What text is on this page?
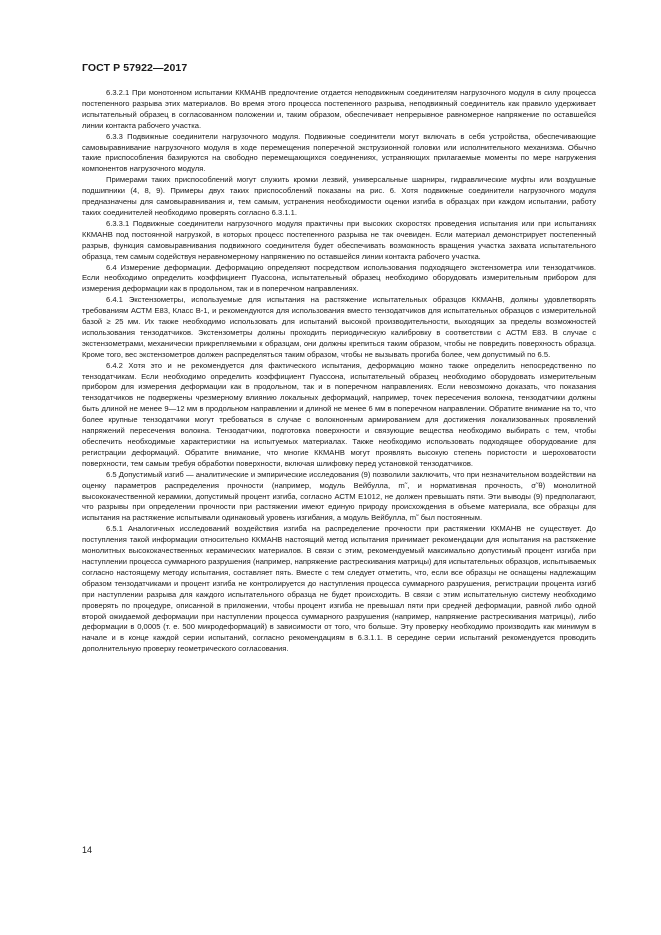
ГОСТ Р 57922—2017

6.3.2.1 При монотонном испытании ККМАНВ предпочтение отдается неподвижным соединителям нагрузочного модуля в силу процесса постепенного разрыва этих материалов. Во время этого процесса постепенного разрыва, неподвижный соединитель как правило удерживает испытательный образец в согласованном положении и, таким образом, обеспечивает непрерывное равномерное напряжение по оставшейся линии контакта рабочего участка.

6.3.3 Подвижные соединители нагрузочного модуля. Подвижные соединители могут включать в себя устройства, обеспечивающие самовыравнивание нагрузочного модуля в ходе перемещения поперечной экструзионной головки или исполнительного механизма. Обычно такие приспособления базируются на свободно перемещающихся соединениях, устраняющих прилагаемые моменты по мере нагружения компонентов нагрузочного модуля.

Примерами таких приспособлений могут служить кромки лезвий, универсальные шарниры, гидравлические муфты или воздушные подшипники (4, 8, 9). Примеры двух таких приспособлений показаны на рис. 6. Хотя подвижные соединители нагрузочного модуля предназначены для самовыравнивания и, тем самым, устранения необходимости оценки изгиба в образцах при каждом испытании, работу таких соединителей необходимо проверять согласно 6.3.1.1.

6.3.3.1 Подвижные соединители нагрузочного модуля практичны при высоких скоростях проведения испытания или при испытаниях ККМАНВ под постоянной нагрузкой, в которых процесс постепенного разрыва не так очевиден. Если материал демонстрирует постепенный разрыв, функция самовыравнивания подвижного соединителя будет обеспечивать возможность вращения участка захвата испытательного образца, тем самым содействуя неравномерному напряжению по оставшейся линии контакта рабочего участка.

6.4 Измерение деформации. Деформацию определяют посредством использования подходящего экстензометра или тензодатчиков. Если необходимо определить коэффициент Пуассона, испытательный образец необходимо оборудовать измерительным прибором для измерения деформации как в продольном, так и в поперечном направлениях.

6.4.1 Экстензометры, используемые для испытания на растяжение испытательных образцов ККМАНВ, должны удовлетворять требованиям АСТМ Е83, Класс В-1, и рекомендуются для использования вместо тензодатчиков для испытательных образцов с измерительной базой ≥ 25 мм. Их также необходимо использовать для испытаний высокой производительности, выходящих за пределы возможностей использования тензодатчиков. Экстензометры должны проходить периодическую калибровку в соответствии с АСТМ Е83. В случае с экстензометрами, механически прикрепляемыми к образцам, они должны крепиться таким образом, чтобы не повредить поверхность образца. Кроме того, вес экстензометров должен распределяться таким образом, чтобы не вызывать прогиба более, чем допустимый по 6.5.

6.4.2 Хотя это и не рекомендуется для фактического испытания, деформацию можно также определить непосредственно по тензодатчикам. Если необходимо определить коэффициент Пуассона, испытательный образец необходимо оборудовать измерительным прибором для измерения деформации как в продольном, так и в поперечном направлениях. Если невозможно доказать, что показания тензодатчиков не подвержены чрезмерному влиянию локальных деформаций, например, точек пересечения волокна, тензодатчики должны быть длиной не менее 9—12 мм в продольном направлении и длиной не менее 6 мм в поперечном направлении. Обратите внимание на то, что более крупные тензодатчики могут требоваться в случае с волокнонным армированием для достижения локализованных проявлений напряжений пересечения волокна. Тензодатчики, подготовка поверхности и связующие вещества необходимо выбирать с тем, чтобы обеспечить необходимые характеристики на испытуемых материалах. Также необходимо использовать подходящее оборудование для регистрации деформаций. Обратите внимание, что многие ККМАНВ могут проявлять высокую степень пористости и шероховатости поверхности, тем самым требуя обработки поверхности, включая шлифовку перед установкой тензодатчиков.

6.5 Допустимый изгиб — аналитические и эмпирические исследования (9) позволили заключить, что при незначительном воздействии на оценку параметров распределения прочности (например, модуль Вейбулла, m˜, и нормативная прочность, σ˜θ) монолитной высококачественной керамики, допустимый процент изгиба, согласно АСТМ Е1012, не должен превышать пяти. Эти выводы (9) предполагают, что разрывы при определении прочности при растяжении имеют единую природу происхождения в объеме материала, все образцы для испытания на растяжение испытывали одинаковый уровень изгибания, а модуль Вейбулла, m˜ был постоянным.

6.5.1 Аналогичных исследований воздействия изгиба на распределение прочности при растяжении ККМАНВ не существует. До поступления такой информации относительно ККМАНВ настоящий метод испытания принимает рекомендации для испытания на растяжение монолитных высококачественных керамических материалов. В связи с этим, рекомендуемый максимально допустимый процент изгиба при наступлении процесса суммарного разрушения (например, напряжение растрескивания матрицы) для испытательных образцов, испытываемых согласно настоящему методу испытания, составляет пять. Вместе с тем следует отметить, что, если все образцы не оснащены надлежащим образом тензодатчиками и процент изгиба не контролируется до наступления процесса суммарного разрушения, регистрации процента изгиб при наступлении разрыва для каждого испытательного образца не будет происходить. В связи с этим испытательную систему необходимо проверять по процедуре, описанной в приложении, чтобы процент изгиба не превышал пяти при средней деформации, равной либо одной второй ожидаемой деформации при наступлении процесса суммарного разрушения (например, напряжение растрескивания матрицы), либо деформации в 0,0005 (т. е. 500 микродеформаций) в зависимости от того, что больше. Эту проверку необходимо производить как минимум в начале и в конце каждой серии испытаний, согласно рекомендациям в 6.3.1.1. В середине серии испытаний рекомендуется проводить дополнительную проверку геометрического согласования.

14
